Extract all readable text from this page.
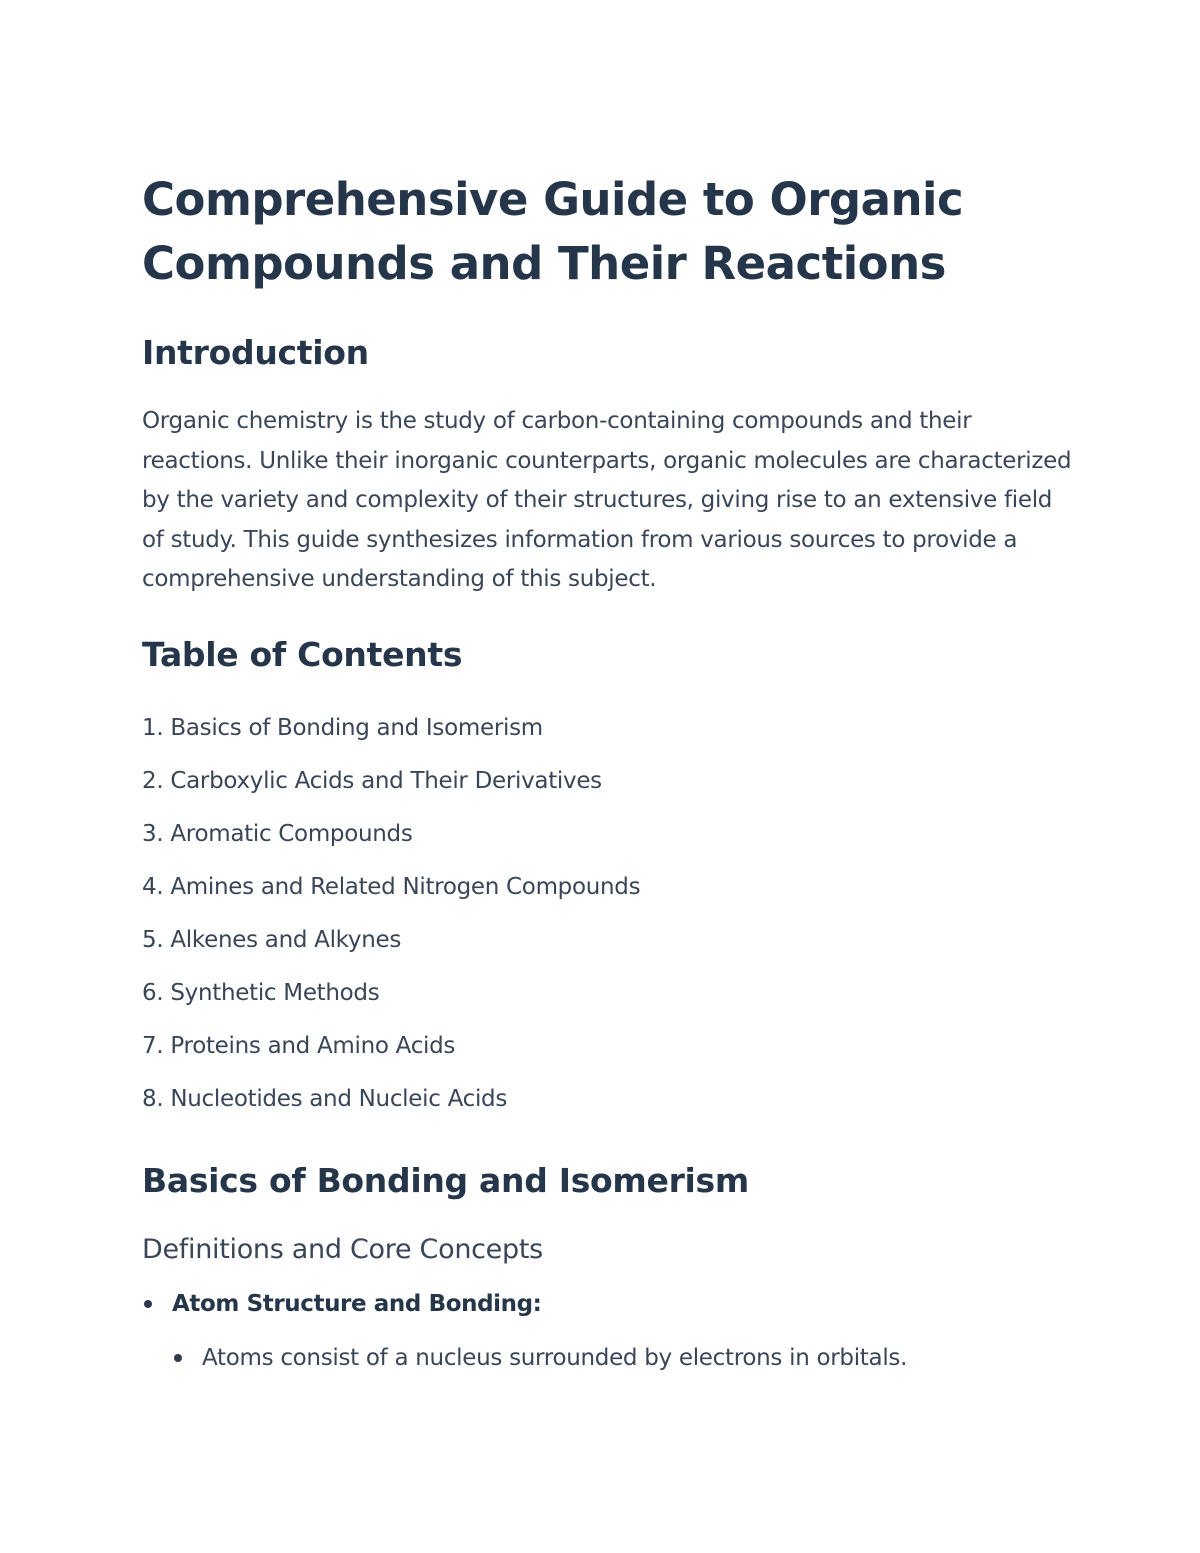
Comprehensive Guide to Organic Compounds and Their Reactions
Introduction

Organic chemistry is the study of carbon-containing compounds and their reactions. Unlike their inorganic counterparts, organic molecules are characterized by the variety and complexity of their structures, giving rise to an extensive field of study. This guide synthesizes information from various sources to provide a comprehensive understanding of this subject.

Table of Contents
1. Basics of Bonding and Isomerism
2. Carboxylic Acids and Their Derivatives
3. Aromatic Compounds
4. Amines and Related Nitrogen Compounds
5. Alkenes and Alkynes
6. Synthetic Methods
7. Proteins and Amino Acids
8. Nucleotides and Nucleic Acids
Basics of Bonding and Isomerism
Definitions and Core Concepts
Atom Structure and Bonding:
Atoms consist of a nucleus surrounded by electrons in orbitals.
